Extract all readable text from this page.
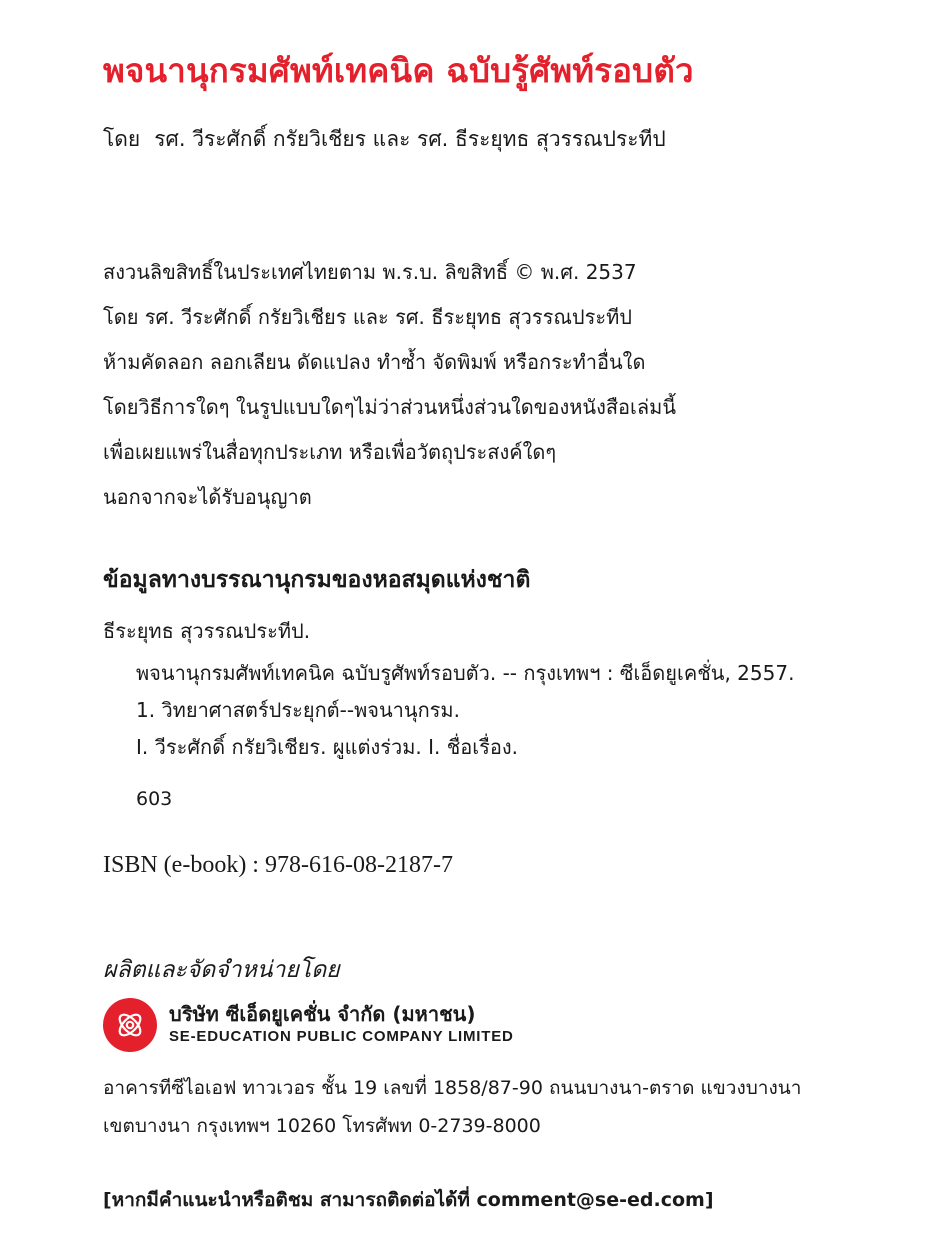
พจนานุกรมศัพท์เทคนิค ฉบับรู้ศัพท์รอบตัว
โดย รศ. วีระศักดิ์ กรัยวิเชียร และ รศ. ธีระยุทธ สุวรรณประทีป
สงวนลิขสิทธิ์ในประเทศไทยตาม พ.ร.บ. ลิขสิทธิ์ © พ.ศ. 2537
โดย รศ. วีระศักดิ์ กรัยวิเชียร และ รศ. ธีระยุทธ สุวรรณประทีป
ห้ามคัดลอก ลอกเลียน ดัดแปลง ทำซ้ำ จัดพิมพ์ หรือกระทำอื่นใด
โดยวิธีการใดๆ ในรูปแบบใดๆไม่ว่าส่วนหนึ่งส่วนใดของหนังสือเล่มนี้
เพื่อเผยแพร่ในสื่อทุกประเภท หรือเพื่อวัตถุประสงค์ใดๆ
นอกจากจะได้รับอนุญาต
ข้อมูลทางบรรณานุกรมของหอสมุดแห่งชาติ
ธีระยุทธ สุวรรณประทีป.
พจนานุกรมศัพท์เทคนิค ฉบับรูศัพท์รอบตัว. -- กรุงเทพฯ : ซีเอ็ดยูเคชั่น, 2557.
1. วิทยาศาสตร์ประยุกต์--พจนานุกรม.
I. วีระศักดิ์ กรัยวิเชียร. ผูแต่งร่วม. I. ชื่อเรื่อง.
603
ISBN (e-book) : 978-616-08-2187-7
ผลิตและจัดจำหน่ายโดย
บริษัท ซีเอ็ดยูเคชั่น จำกัด (มหาชน)
SE-EDUCATION PUBLIC COMPANY LIMITED
อาคารทีซีไอเอฟ ทาวเวอร ชั้น 19 เลขที่ 1858/87-90 ถนนบางนา-ตราด แขวงบางนา
เขตบางนา กรุงเทพฯ 10260 โทรศัพท 0-2739-8000
[หากมีคำแนะนำหรือติชม สามารถติดต่อได้ที่ comment@se-ed.com]
